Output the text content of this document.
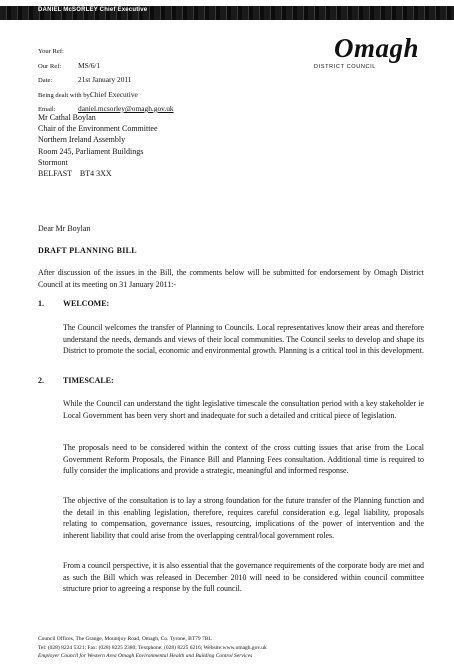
DANIEL McSORLEY Chief Executive
Your Ref:
Our Ref: MS/6/1
Date:	21st January 2011
Being dealt with by:Chief Executive
Email:	daniel.mcsorley@omagh.gov.uk
Omagh
DISTRICT COUNCIL
Mr Cathal Boylan
Chair of the Environment Committee
Northern Ireland Assembly
Room 245, Parliament Buildings
Stormont
BELFAST    BT4 3XX
Dear Mr Boylan
DRAFT PLANNING BILL
After discussion of the issues in the Bill, the comments below will be submitted for endorsement by Omagh District Council at its meeting on 31 January 2011:-
1. WELCOME:
The Council welcomes the transfer of Planning to Councils. Local representatives know their areas and therefore understand the needs, demands and views of their local communities. The Council seeks to develop and shape its District to promote the social, economic and environmental growth. Planning is a critical tool in this development.
2. TIMESCALE:
While the Council can understand the tight legislative timescale the consultation period with a key stakeholder ie Local Government has been very short and inadequate for such a detailed and critical piece of legislation.
The proposals need to be considered within the context of the cross cutting issues that arise from the Local Government Reform Proposals, the Finance Bill and Planning Fees consultation. Additional time is required to fully consider the implications and provide a strategic, meaningful and informed response.
The objective of the consultation is to lay a strong foundation for the future transfer of the Planning function and the detail in this enabling legislation, therefore, requires careful consideration e.g. legal liability, proposals relating to compensation, governance issues, resourcing, implications of the power of intervention and the inherent liability that could arise from the overlapping central/local government roles.
From a council perspective, it is also essential that the governance requirements of the corporate body are met and as such the Bill which was released in December 2010 will need to be considered within council committee structure prior to agreeing a response by the full council.
Council Offices, The Grange, Mountjoy Road, Omagh, Co. Tyrone, BT79 7BL
Tel: (028) 8224 5321; Fax: (028) 8225 2380; Textphone: (028) 8225 6216; Website:www.omagh.gov.uk
Employer Council for Western Area Omagh Environmental Health and Building Control Services
